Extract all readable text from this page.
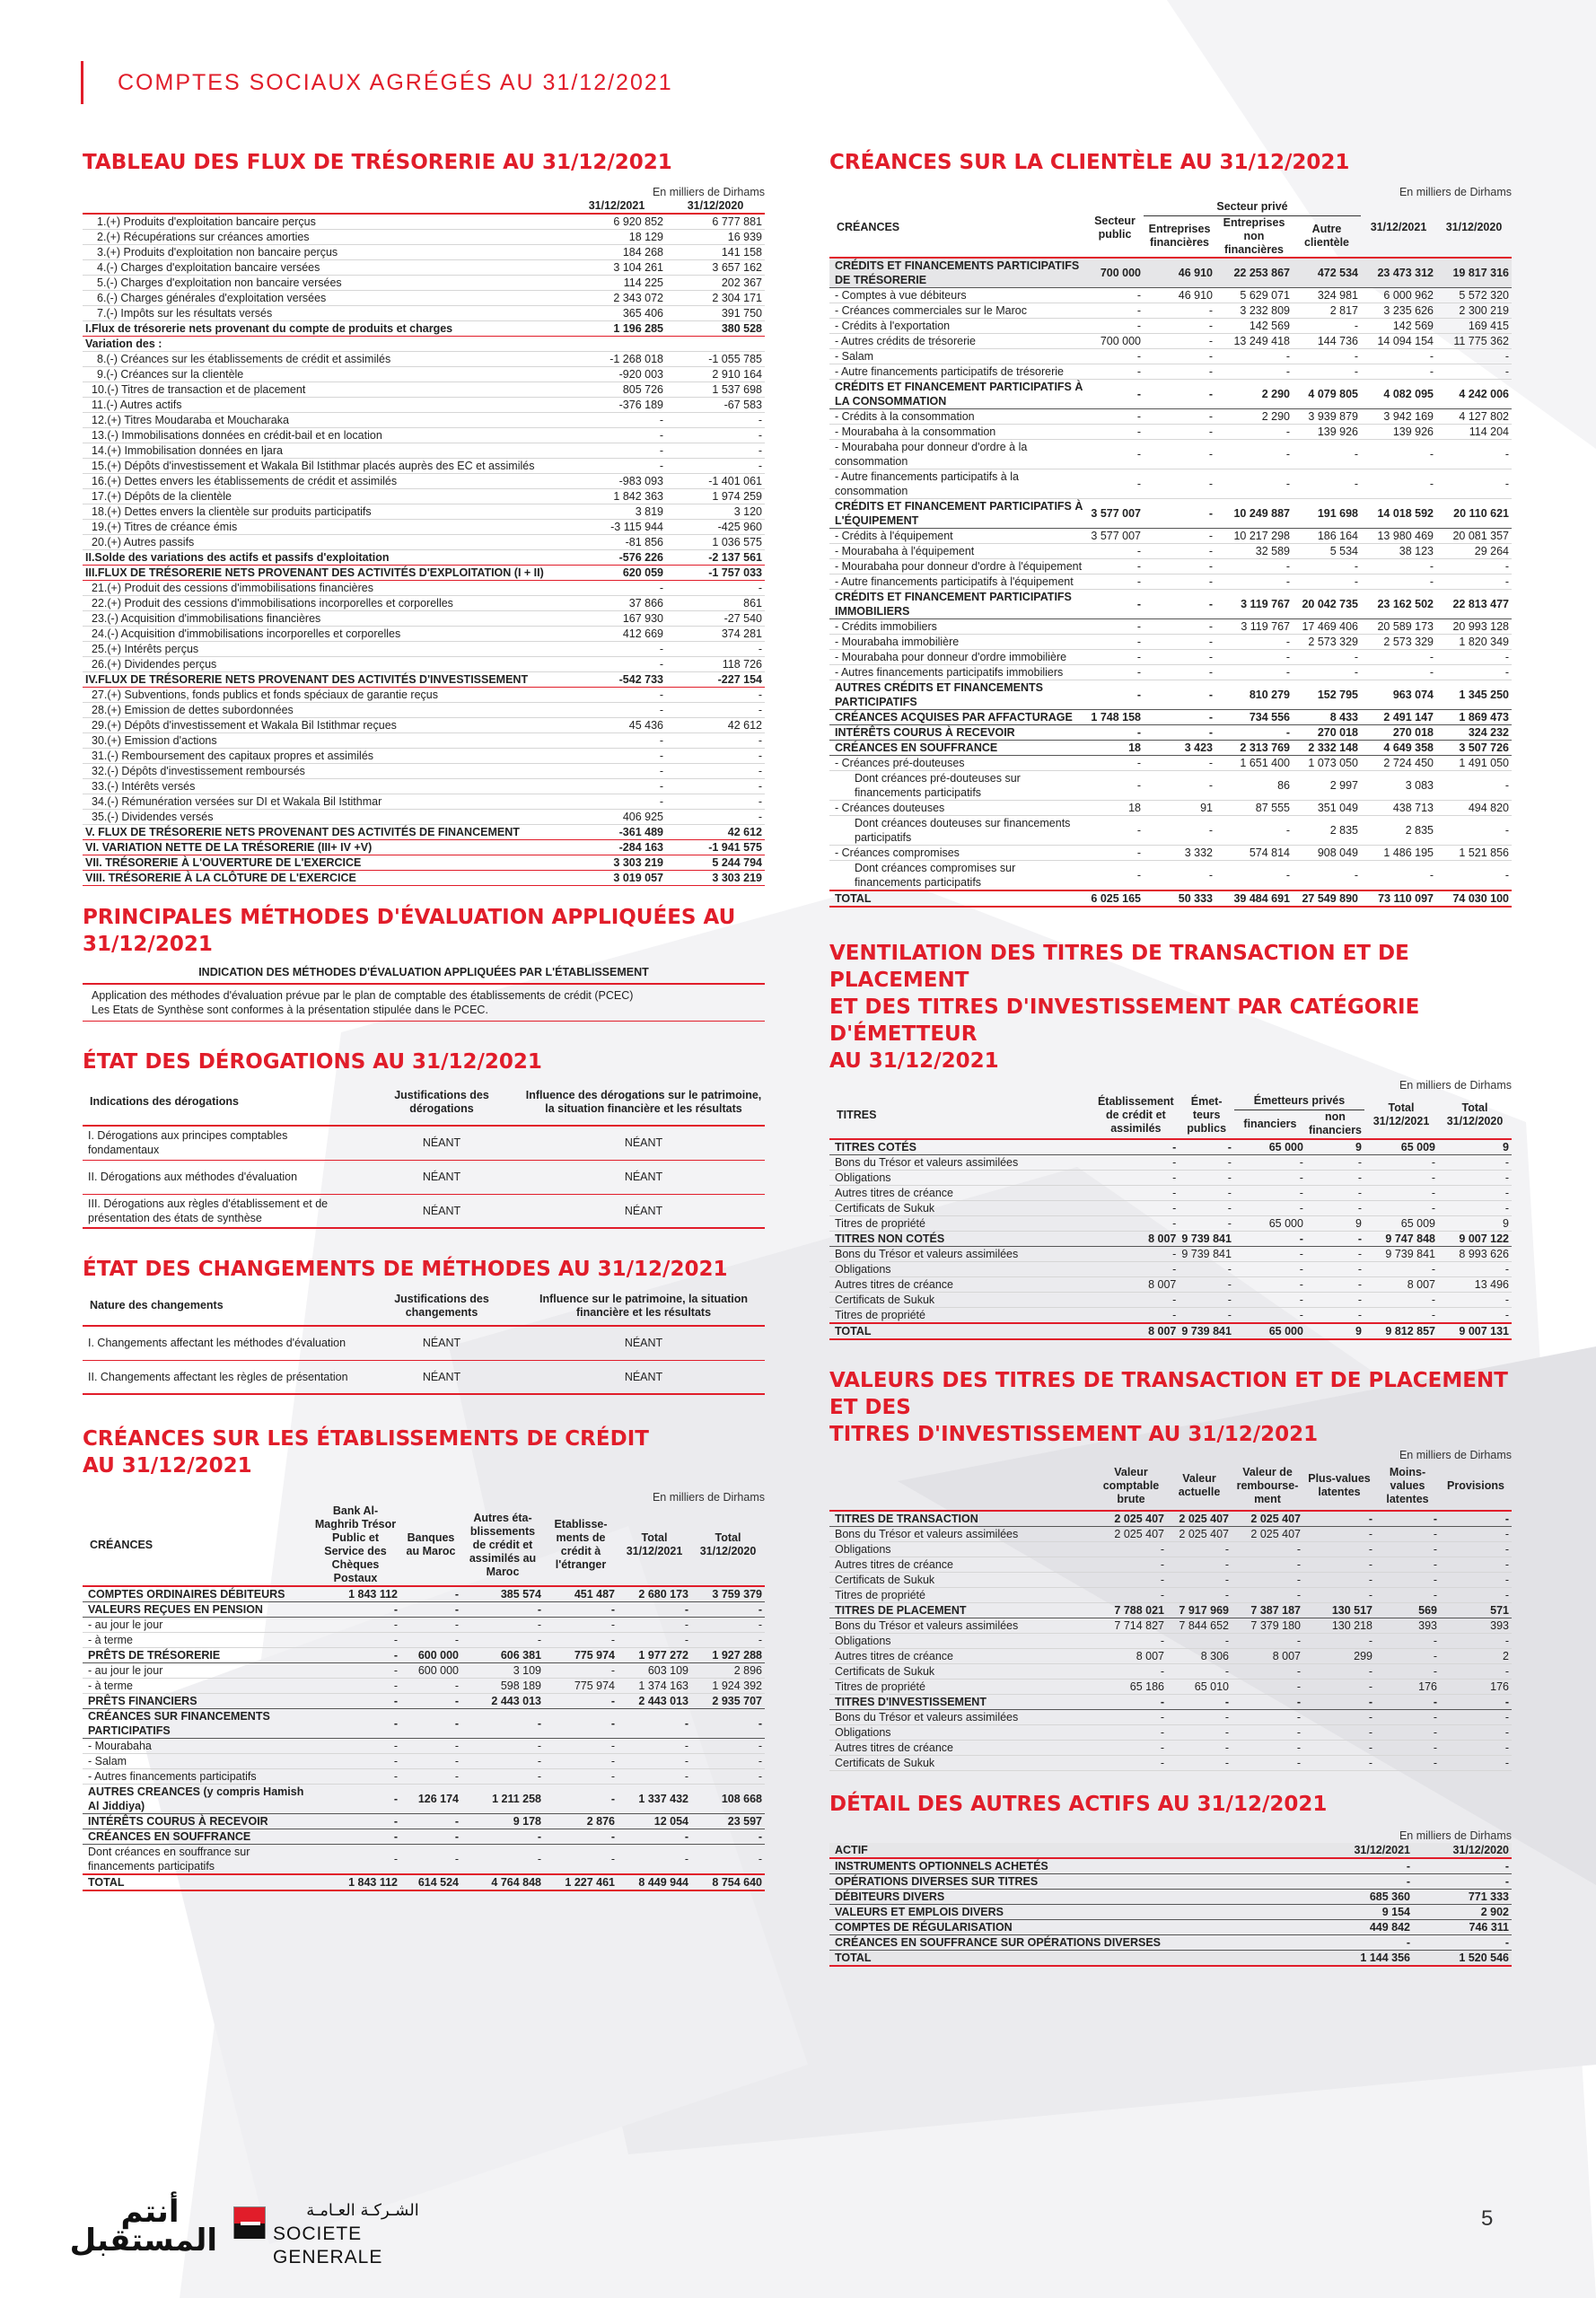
COMPTES SOCIAUX AGRÉGÉS AU 31/12/2021
TABLEAU DES FLUX DE TRÉSORERIE AU 31/12/2021
En milliers de Dirhams
	31/12/2021	31/12/2020
1.(+) Produits d'exploitation bancaire perçus	6 920 852	6 777 881
2.(+) Récupérations sur créances amorties	18 129	16 939
3.(+) Produits d'exploitation non bancaire perçus	184 268	141 158
4.(-) Charges d'exploitation bancaire versées	3 104 261	3 657 162
5.(-) Charges d'exploitation non bancaire versées	114 225	202 367
6.(-) Charges générales d'exploitation versées	2 343 072	2 304 171
7.(-) Impôts sur les résultats versés	365 406	391 750
I.Flux de trésorerie nets provenant du compte de produits et charges	1 196 285	380 528
Variation des :		
8.(-) Créances sur les établissements de crédit et assimilés	-1 268 018	-1 055 785
9.(-) Créances sur la clientèle	-920 003	2 910 164
10.(-) Titres de transaction et de placement	805 726	1 537 698
11.(-) Autres actifs	-376 189	-67 583
12.(+) Titres Moudaraba et Moucharaka	-	-
13.(-) Immobilisations données en crédit-bail et en location	-	-
14.(+) Immobilisation données en Ijara	-	-
15.(+) Dépôts d'investissement et Wakala Bil Istithmar placés auprès des EC et assimilés	-	-
16.(+) Dettes envers les établissements de crédit et assimilés	-983 093	-1 401 061
17.(+) Dépôts de la clientèle	1 842 363	1 974 259
18.(+) Dettes envers la clientèle sur produits participatifs	3 819	3 120
19.(+) Titres de créance émis	-3 115 944	-425 960
20.(+) Autres passifs	-81 856	1 036 575
II.Solde des variations des actifs et passifs d'exploitation	-576 226	-2 137 561
III.FLUX DE TRÉSORERIE NETS PROVENANT DES ACTIVITÉS D'EXPLOITATION (I + II)	620 059	-1 757 033
21.(+) Produit des cessions d'immobilisations financières	-	-
22.(+) Produit des cessions d'immobilisations incorporelles et corporelles	37 866	861
23.(-) Acquisition d'immobilisations financières	167 930	-27 540
24.(-) Acquisition d'immobilisations incorporelles et corporelles	412 669	374 281
25.(+) Intérêts perçus	-	-
26.(+) Dividendes perçus	-	118 726
IV.FLUX DE TRÉSORERIE NETS PROVENANT DES ACTIVITÉS D'INVESTISSEMENT	-542 733	-227 154
27.(+) Subventions, fonds publics et fonds spéciaux de garantie reçus	-	-
28.(+) Emission de dettes subordonnées	-	-
29.(+) Dépôts d'investissement et Wakala Bil Istithmar reçues	45 436	42 612
30.(+) Emission d'actions	-	-
31.(-) Remboursement des capitaux propres et assimilés	-	-
32.(-) Dépôts d'investissement remboursés	-	-
33.(-) Intérêts versés	-	-
34.(-) Rémunération versées sur DI et Wakala Bil Istithmar	-	-
35.(-) Dividendes versés	406 925	-
V. FLUX DE TRÉSORERIE NETS PROVENANT DES ACTIVITÉS DE FINANCEMENT	-361 489	42 612
VI. VARIATION NETTE DE LA TRÉSORERIE (III+ IV +V)	-284 163	-1 941 575
VII. TRÉSORERIE À L'OUVERTURE DE L'EXERCICE	3 303 219	5 244 794
VIII. TRÉSORERIE À LA CLÔTURE DE L'EXERCICE	3 019 057	3 303 219
PRINCIPALES MÉTHODES D'ÉVALUATION APPLIQUÉES AU 31/12/2021
INDICATION DES MÉTHODES D'ÉVALUATION APPLIQUÉES PAR L'ÉTABLISSEMENT
Application des méthodes d'évaluation prévue par le plan de comptable des établissements de crédit (PCEC)
Les Etats de Synthèse sont conformes à la présentation stipulée dans le PCEC.
ÉTAT DES DÉROGATIONS AU 31/12/2021
Indications des dérogations	Justifications des dérogations	Influence des dérogations sur le patrimoine, la situation financière et les résultats
I. Dérogations aux principes comptables fondamentaux	NÉANT	NÉANT
II. Dérogations aux méthodes d'évaluation	NÉANT	NÉANT
III. Dérogations aux règles d'établissement et de présentation des états de synthèse	NÉANT	NÉANT
ÉTAT DES CHANGEMENTS DE MÉTHODES AU 31/12/2021
Nature des changements	Justifications des changements	Influence sur le patrimoine, la situation financière et les résultats
I. Changements affectant les méthodes d'évaluation	NÉANT	NÉANT
II. Changements affectant les règles de présentation	NÉANT	NÉANT
CRÉANCES SUR LES ÉTABLISSEMENTS DE CRÉDIT
AU 31/12/2021
En milliers de Dirhams
CRÉANCES	Bank Al-Maghrib Trésor Public et Service des Chèques Postaux	Banques au Maroc	Autres éta-blissements de crédit et assimilés au Maroc	Etablisse-ments de crédit à l'étranger	Total 31/12/2021	Total 31/12/2020
COMPTES ORDINAIRES DÉBITEURS	1 843 112	-	385 574	451 487	2 680 173	3 759 379
VALEURS REÇUES EN PENSION	-	-	-	-	-	-
- au jour le jour	-	-	-	-	-	-
- à terme	-	-	-	-	-	-
PRÊTS DE TRÉSORERIE	-	600 000	606 381	775 974	1 977 272	1 927 288
- au jour le jour	-	600 000	3 109	-	603 109	2 896
- à terme	-	-	598 189	775 974	1 374 163	1 924 392
PRÊTS FINANCIERS	-	-	2 443 013	-	2 443 013	2 935 707
CRÉANCES SUR FINANCEMENTS PARTICIPATIFS	-	-	-	-	-	-
- Mourabaha	-	-	-	-	-	-
- Salam	-	-	-	-	-	-
- Autres financements participatifs	-	-	-	-	-	-
AUTRES CREANCES (y compris Hamish Al Jiddiya)	-	126 174	1 211 258	-	1 337 432	108 668
INTÉRÊTS COURUS À RECEVOIR	-	-	9 178	2 876	12 054	23 597
CRÉANCES EN SOUFFRANCE	-	-	-	-	-	-
Dont créances en souffrance sur financements participatifs	-	-	-	-	-	-
TOTAL	1 843 112	614 524	4 764 848	1 227 461	8 449 944	8 754 640
CRÉANCES SUR LA CLIENTÈLE AU 31/12/2021
En milliers de Dirhams
CRÉANCES	Secteur public	Secteur privé			31/12/2021	31/12/2020
		Entreprises financières	Entreprises non financières	Autre clientèle		
CRÉDITS ET FINANCEMENTS PARTICIPATIFS DE TRÉSORERIE	700 000	46 910	22 253 867	472 534	23 473 312	19 817 316
- Comptes à vue débiteurs	-	46 910	5 629 071	324 981	6 000 962	5 572 320
- Créances commerciales sur le Maroc	-	-	3 232 809	2 817	3 235 626	2 300 219
- Crédits à l'exportation	-	-	142 569	-	142 569	169 415
- Autres crédits de trésorerie	700 000	-	13 249 418	144 736	14 094 154	11 775 362
- Salam	-	-	-	-	-	-
- Autre financements participatifs de trésorerie	-	-	-	-	-	-
CRÉDITS ET FINANCEMENT PARTICIPATIFS À LA CONSOMMATION	-	-	2 290	4 079 805	4 082 095	4 242 006
- Crédits à la consommation	-	-	2 290	3 939 879	3 942 169	4 127 802
- Mourabaha à la consommation	-	-	-	139 926	139 926	114 204
- Mourabaha pour donneur d'ordre à la consommation	-	-	-	-	-	-
- Autre financements participatifs à la consommation	-	-	-	-	-	-
CRÉDITS ET FINANCEMENT PARTICIPATIFS À L'ÉQUIPEMENT	3 577 007	-	10 249 887	191 698	14 018 592	20 110 621
- Crédits à l'équipement	3 577 007	-	10 217 298	186 164	13 980 469	20 081 357
- Mourabaha à l'équipement	-	-	32 589	5 534	38 123	29 264
- Mourabaha pour donneur d'ordre à l'équipement	-	-	-	-	-	-
- Autre financements participatifs à l'équipement	-	-	-	-	-	-
CRÉDITS ET FINANCEMENT PARTICIPATIFS IMMOBILIERS	-	-	3 119 767	20 042 735	23 162 502	22 813 477
- Crédits immobiliers	-	-	3 119 767	17 469 406	20 589 173	20 993 128
- Mourabaha immobilière	-	-	-	2 573 329	2 573 329	1 820 349
- Mourabaha pour donneur d'ordre immobilière	-	-	-	-	-	-
- Autres financements participatifs immobiliers	-	-	-	-	-	-
AUTRES CRÉDITS ET FINANCEMENTS PARTICIPATIFS	-	-	810 279	152 795	963 074	1 345 250
CRÉANCES ACQUISES PAR AFFACTURAGE	1 748 158	-	734 556	8 433	2 491 147	1 869 473
INTÉRÊTS COURUS À RECEVOIR	-	-	-	270 018	270 018	324 232
CRÉANCES EN SOUFFRANCE	18	3 423	2 313 769	2 332 148	4 649 358	3 507 726
- Créances pré-douteuses	-	-	1 651 400	1 073 050	2 724 450	1 491 050
Dont créances pré-douteuses sur financements participatifs	-	-	86	2 997	3 083	-
- Créances douteuses	18	91	87 555	351 049	438 713	494 820
Dont créances douteuses sur financements participatifs	-	-	-	2 835	2 835	-
- Créances compromises	-	3 332	574 814	908 049	1 486 195	1 521 856
Dont créances compromises sur financements participatifs	-	-	-	-	-	-
TOTAL	6 025 165	50 333	39 484 691	27 549 890	73 110 097	74 030 100
VENTILATION DES TITRES DE TRANSACTION ET DE PLACEMENT
ET DES TITRES D'INVESTISSEMENT PAR CATÉGORIE D'ÉMETTEUR
AU 31/12/2021
En milliers de Dirhams
TITRES	Établissement de crédit et assimilés	Émet-teurs publics	Émetteurs privés		Total 31/12/2021	Total 31/12/2020
			financiers	non financiers		
TITRES COTÉS	-	-	65 000	9	65 009	9
Bons du Trésor et valeurs assimilées	-	-	-	-	-	-
Obligations	-	-	-	-	-	-
Autres titres de créance	-	-	-	-	-	-
Certificats de Sukuk	-	-	-	-	-	-
Titres de propriété	-	-	65 000	9	65 009	9
TITRES NON COTÉS	8 007	9 739 841	-	-	9 747 848	9 007 122
Bons du Trésor et valeurs assimilées	-	9 739 841	-	-	9 739 841	8 993 626
Obligations	-	-	-	-	-	-
Autres titres de créance	8 007	-	-	-	8 007	13 496
Certificats de Sukuk	-	-	-	-	-	-
Titres de propriété	-	-	-	-	-	-
TOTAL	8 007	9 739 841	65 000	9	9 812 857	9 007 131
VALEURS DES TITRES DE TRANSACTION ET DE PLACEMENT ET DES
TITRES D'INVESTISSEMENT AU 31/12/2021
En milliers de Dirhams
	Valeur comptable brute	Valeur actuelle	Valeur de rembourse-ment	Plus-values latentes	Moins-values latentes	Provisions
TITRES DE TRANSACTION	2 025 407	2 025 407	2 025 407	-	-	-
Bons du Trésor et valeurs assimilées	2 025 407	2 025 407	2 025 407	-	-	-
Obligations	-	-	-	-	-	-
Autres titres de créance	-	-	-	-	-	-
Certificats de Sukuk	-	-	-	-	-	-
Titres de propriété	-	-	-	-	-	-
TITRES DE PLACEMENT	7 788 021	7 917 969	7 387 187	130 517	569	571
Bons du Trésor et valeurs assimilées	7 714 827	7 844 652	7 379 180	130 218	393	393
Obligations	-	-	-	-	-	-
Autres titres de créance	8 007	8 306	8 007	299	-	2
Certificats de Sukuk	-	-	-	-	-	-
Titres de propriété	65 186	65 010	-	-	176	176
TITRES D'INVESTISSEMENT	-	-	-	-	-	-
Bons du Trésor et valeurs assimilées	-	-	-	-	-	-
Obligations	-	-	-	-	-	-
Autres titres de créance	-	-	-	-	-	-
Certificats de Sukuk	-	-	-	-	-	-
DÉTAIL DES AUTRES ACTIFS AU 31/12/2021
En milliers de Dirhams
ACTIF	31/12/2021	31/12/2020
INSTRUMENTS OPTIONNELS ACHETÉS	-	-
OPÉRATIONS DIVERSES SUR TITRES	-	-
DÉBITEURS DIVERS	685 360	771 333
VALEURS ET EMPLOIS DIVERS	9 154	2 902
COMPTES DE RÉGULARISATION	449 842	746 311
CRÉANCES EN SOUFFRANCE SUR OPÉRATIONS DIVERSES	-	-
TOTAL	1 144 356	1 520 546
أنتم المستقبل
الشـركـة العـامـة
SOCIETE GENERALE
5
